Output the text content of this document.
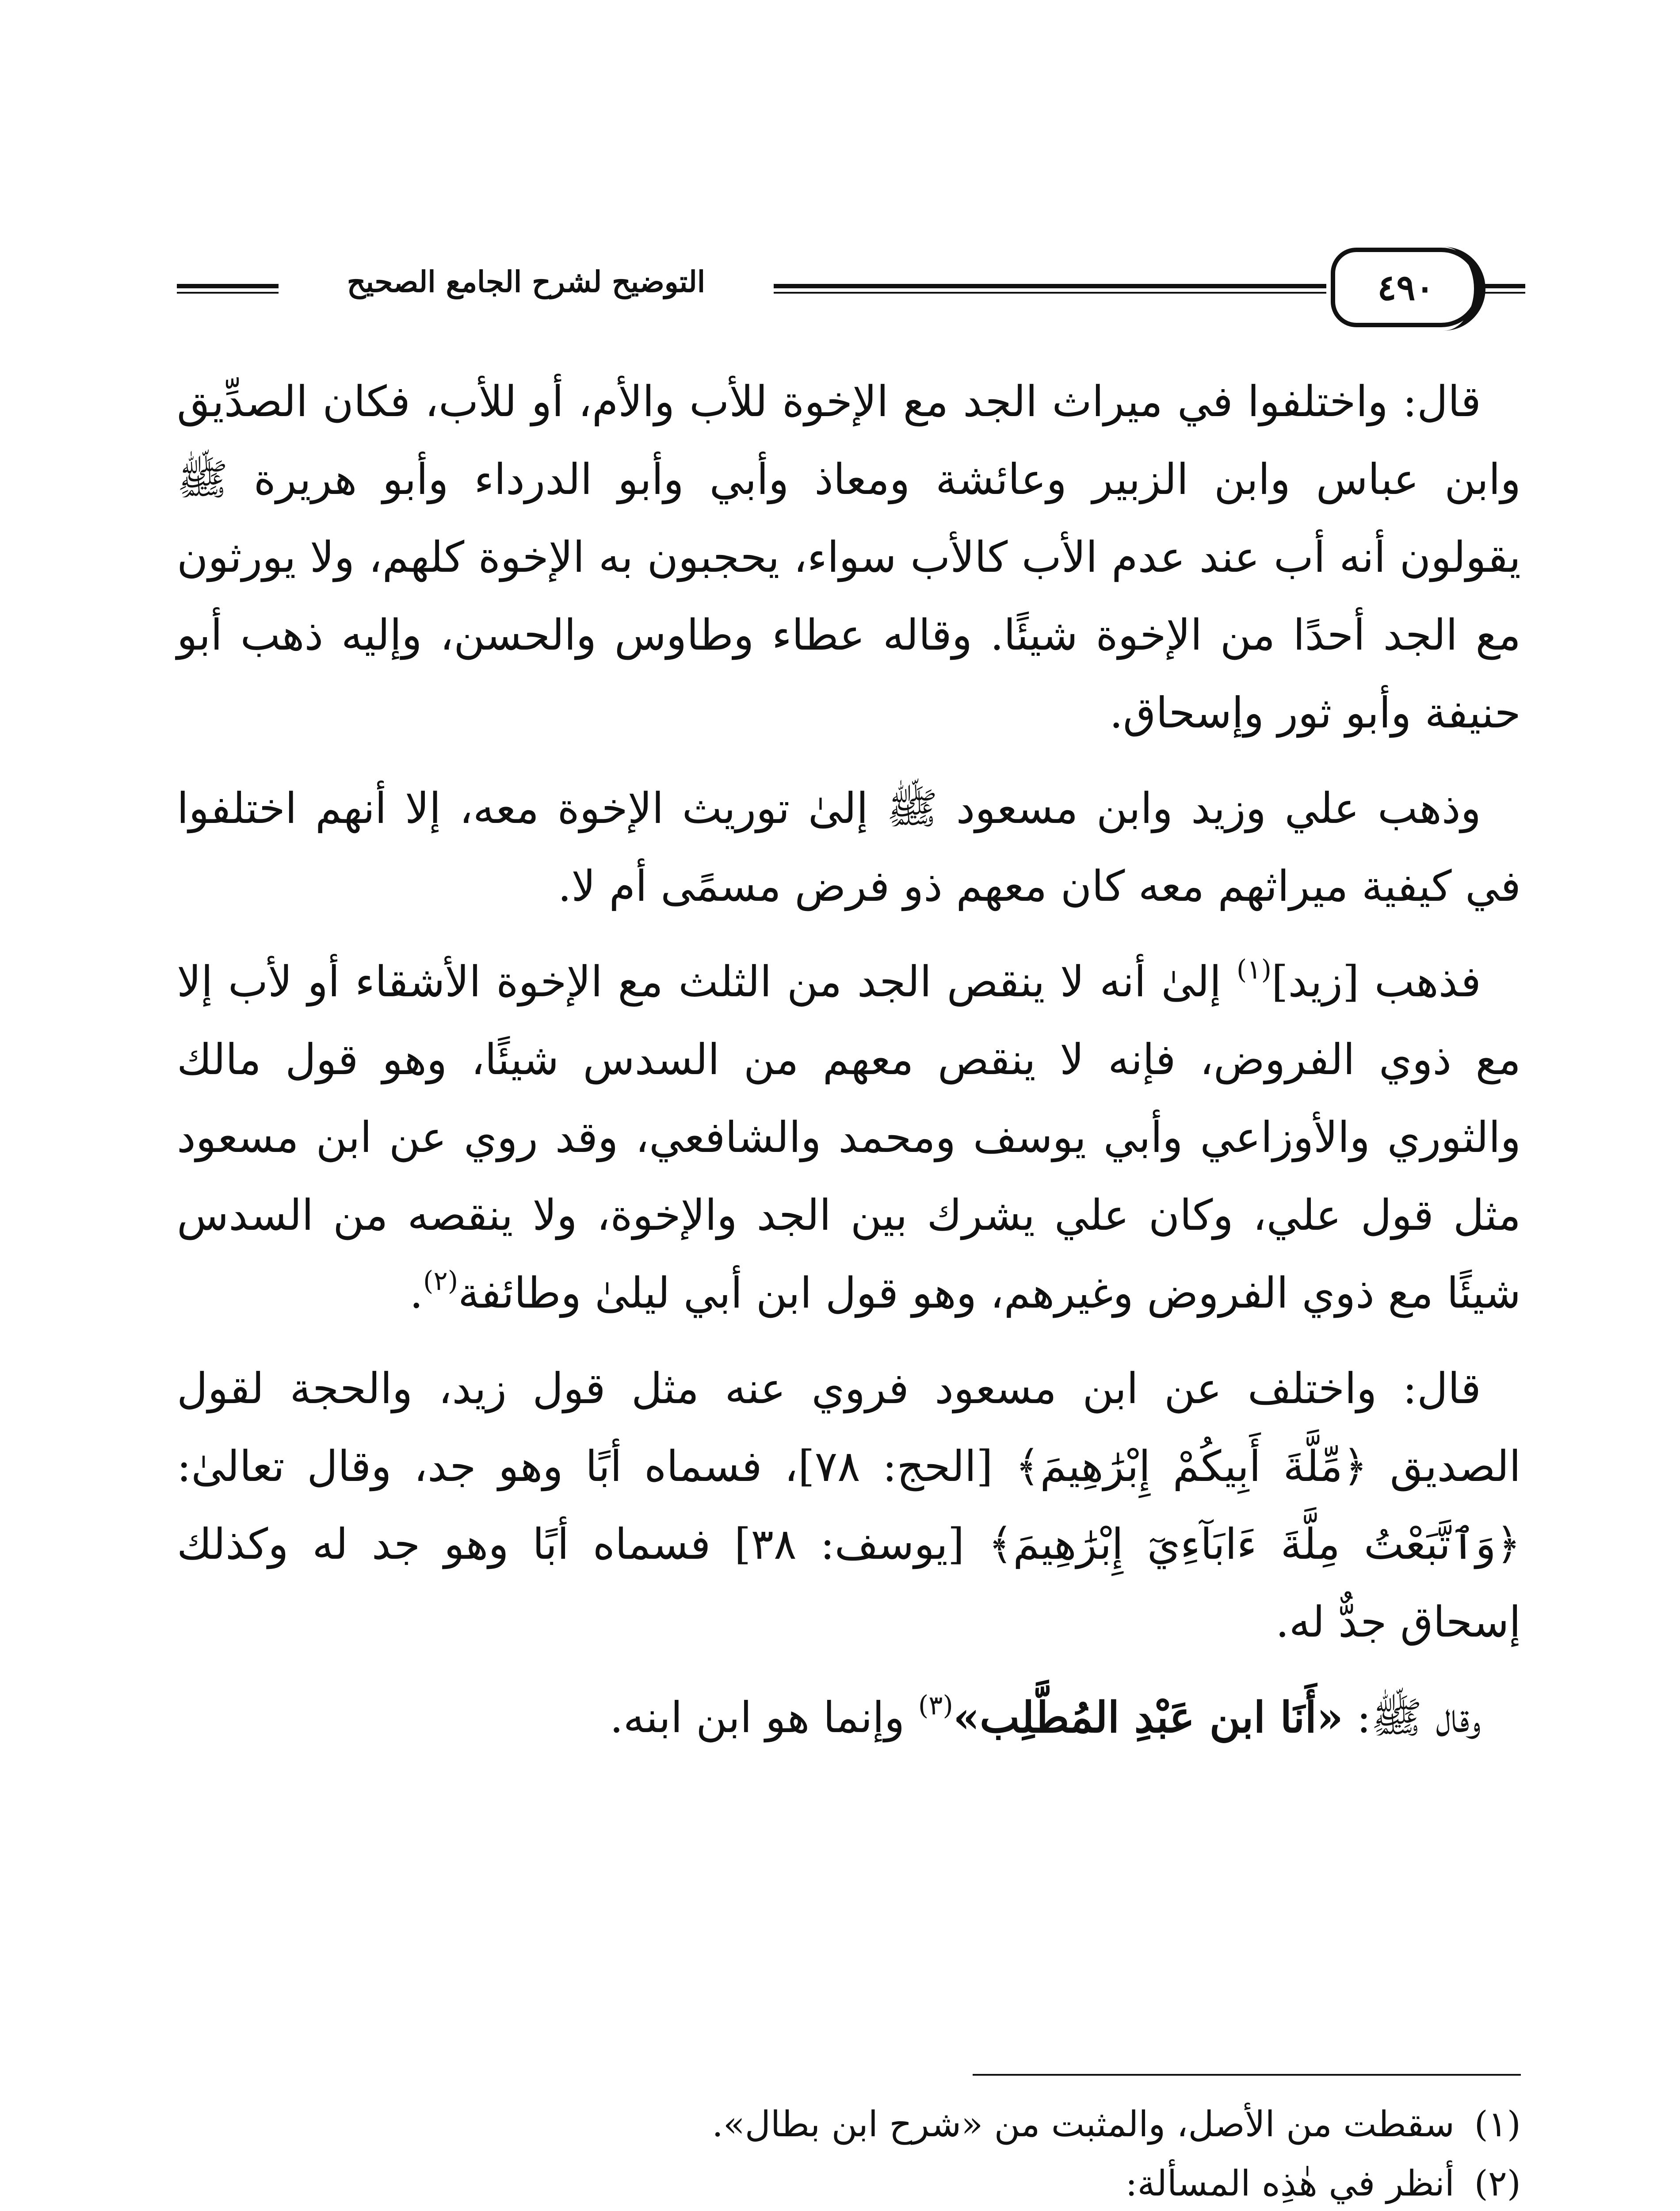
التوضيح لشرح الجامع الصحيح	٤٩٠

قال: واختلفوا في ميراث الجد مع الإخوة للأب والأم، أو للأب، فكان الصدِّيق وابن عباس وابن الزبير وعائشة ومعاذ وأبي وأبو الدرداء وأبو هريرة ﷺ يقولون أنه أب عند عدم الأب كالأب سواء، يحجبون به الإخوة كلهم، ولا يورثون مع الجد أحدًا من الإخوة شيئًا. وقاله عطاء وطاوس والحسن، وإليه ذهب أبو حنيفة وأبو ثور وإسحاق.

وذهب علي وزيد وابن مسعود ﷺ إلىٰ توريث الإخوة معه، إلا أنهم اختلفوا في كيفية ميراثهم معه كان معهم ذو فرض مسمًى أم لا.

فذهب [زيد]$^{(١)}$ إلىٰ أنه لا ينقص الجد من الثلث مع الإخوة الأشقاء أو لأب إلا مع ذوي الفروض، فإنه لا ينقص معهم من السدس شيئًا، وهو قول مالك والثوري والأوزاعي وأبي يوسف ومحمد والشافعي، وقد روي عن ابن مسعود مثل قول علي، وكان علي يشرك بين الجد والإخوة، ولا ينقصه من السدس شيئًا مع ذوي الفروض وغيرهم، وهو قول ابن أبي ليلىٰ وطائفة$^{(٢)}$.

قال: واختلف عن ابن مسعود فروي عنه مثل قول زيد، والحجة لقول الصديق ﴿مِّلَّةَ أَبِيكُمْ إِبْرَٰهِيمَ﴾ [الحج: ٧٨]، فسماه أبًا وهو جد، وقال تعالىٰ: ﴿وَٱتَّبَعْتُ مِلَّةَ ءَابَآءِيٓ إِبْرَٰهِيمَ﴾ [يوسف: ٣٨] فسماه أبًا وهو جد له وكذلك إسحاق جدٌّ له.

وقال ﷺ: «أَنَا ابن عَبْدِ المُطَّلِب»$^{(٣)}$ وإنما هو ابن ابنه.

(١)
سقطت من الأصل، والمثبت من «شرح ابن بطال».
(٢)
أنظر في هٰذِه المسألة:
